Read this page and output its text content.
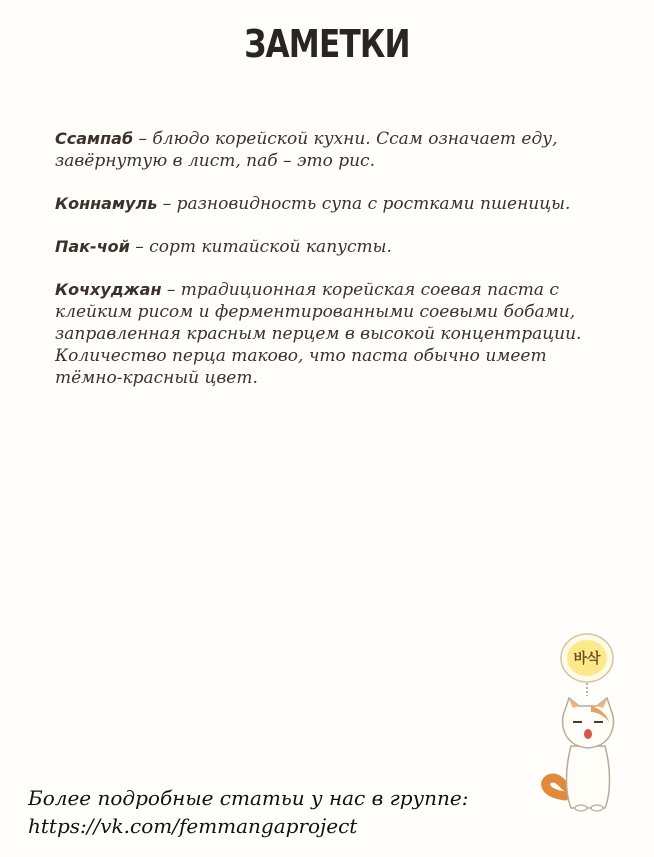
ЗАМЕТКИ

Ссампаб – блюдо корейской кухни. Ссам означает еду, завёрнутую в лист, паб – это рис.

Коннамуль – разновидность супа с ростками пшеницы.

Пак-чой – сорт китайской капусты.

Кочхуджан – традиционная корейская соевая паста с клейким рисом и ферментированными соевыми бобами, заправленная красным перцем в высокой концентрации. Количество перца таково, что паста обычно имеет тёмно-красный цвет.

Более подробные статьи у нас в группе:
https://vk.com/femmangaproject
바삭
